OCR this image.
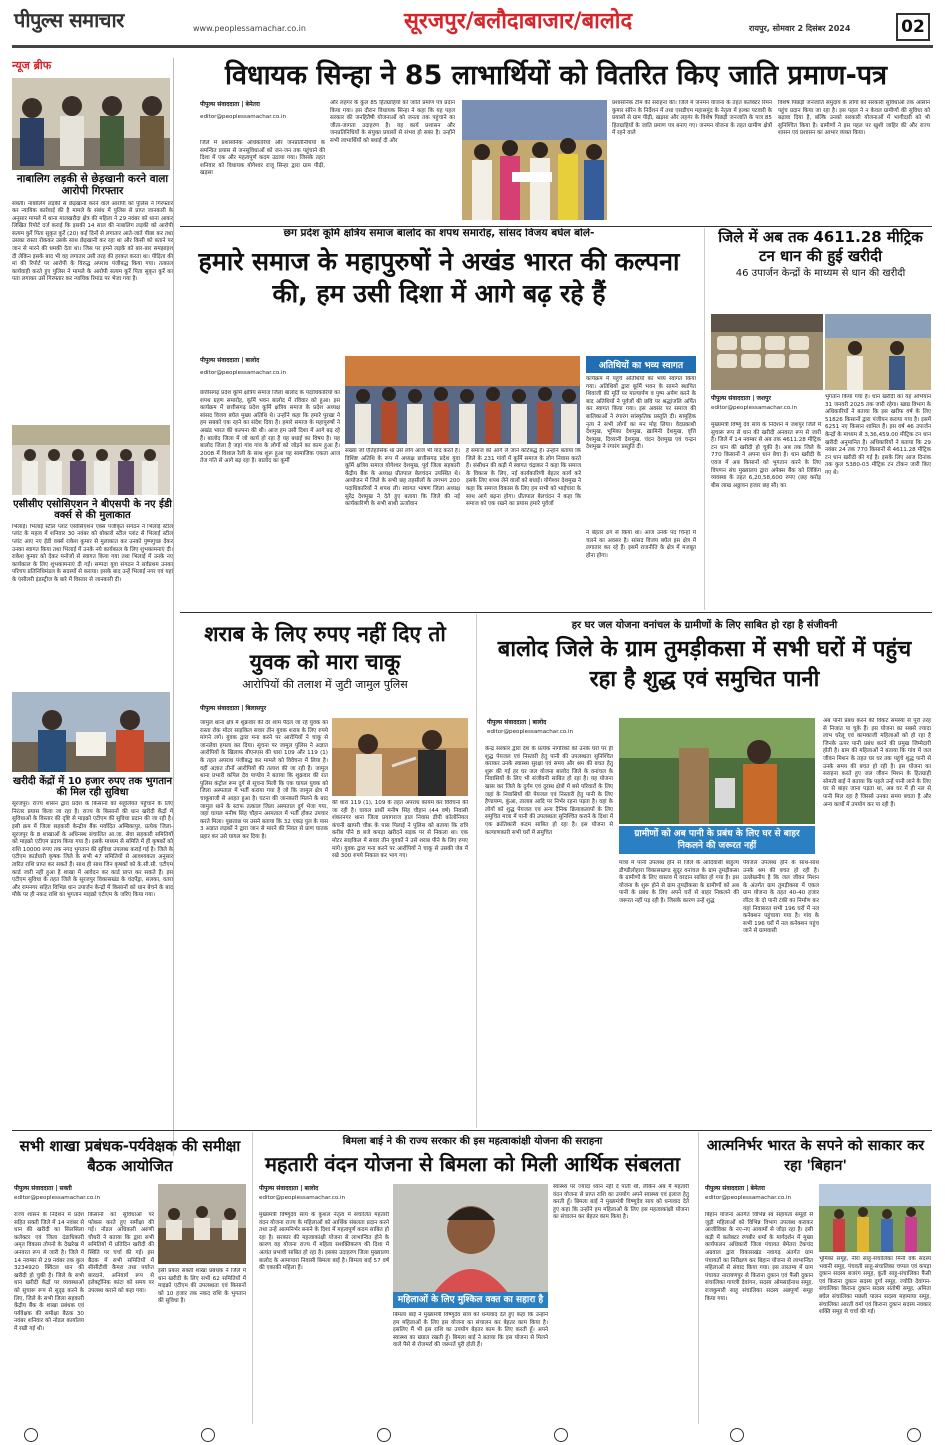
पीपुल्स समाचार	www.peoplessamachar.co.in	सूरजपुर/बलौदाबाजार/बालोद	रायपुर, सोमवार 2 दिसंबर 2024	02
न्यूज ब्रीफ
नाबालिग लड़की से छेड़खानी करने वाला आरोपी गिरफ्तार
सक्ती। नाबालिग लड़की से छेड़खानी करने वाले आरोपी को पुलिस ने गिरफ्तार कर न्यायिक कार्रवाई की है मामले के संबंध में पुलिस से प्राप्त जानकारी के अनुसार मामले में थाना मालखरौदा क्षेत्र की महिला ने 29 नवंबर को थाना आकर लिखित रिपोर्ट दर्ज कराई कि इसकी 14 साल की नाबालिग लड़की को आरोपी सत्यम कुर्रे पिता सुकृत कुर्रे (20) कई दिनों से लगातार आते-जाते पीछा कर तथा उसका रास्ता रोककर उसके साथ छेड़खानी कर रहा था और किसी को बताने पर जान से मारने की धमकी देता था। जिस पर हमने लड़के को बार-बार समझाइश दी लेकिन इसके बाद भी वह लगातार उसी तरह की हरकत करता था। पीड़िता की मां की रिपोर्ट पर आरोपी के विरुद्ध अपराध पंजीबद्ध किया गया। तत्काल कार्यवाही करते हुए पुलिस ने मामले के आरोपी सत्यम कुर्रे पिता सुकृत कुर्रे का पता लगाकर उसे गिरफ्तार कर न्यायिक रिमांड पर भेजा गया है।
एसीसीए एसोसिएशन ने बीएसपी के नए ईडी वर्क्स से की मुलाकात
भिलाई। भिलाई स्टील प्लांट एसोसिएशन एक्स पंजीकृत संगठन ने भिलाई स्टील प्लांट के महत्व में शनिवार 30 नवंबर को बोकारो स्टील प्लांट से भिलाई स्टील प्लांट आए नए ईडी वर्क्स राकेश कुमार से मुलाकात कर उनको पुष्पगुच्छ देकर उनका स्वागत किया तथा भिलाई में उनके नये कार्यकाल के लिए शुभकामनाएं दी। राकेश कुमार को देकर मनोजों से स्वागत किया गया तथा भिलाई में उनके नए कार्यकाल के लिए शुभकामनाएं दी गईं। सम्पदा युवा संगठन ने सर्वप्रथम उनका परिचय प्रतिनिधिमंडल के सदस्यों से कराया। इसके बाद उन्हें भिलाई नगर एवं यहां के एंसीलरी इंडस्ट्रीज के बारे में विस्तार से जानकारी दी।
खरीदी केंद्रों में 10 हजार रुपए तक भुगतान की मिल रही सुविधा
सूरजपुर। राज्य शासन द्वारा प्रदेश के किसानों को सहूलियत पहुँचाने के लिए निरंतर प्रयास किया जा रहा है। राज्य के किसानों की धान खरीदी केंद्रों में सुविधाओं के विस्तार की दृष्टि से माइक्रो एटीएम की सुविधा प्रदान की जा रही है। इसी क्रम में जिला सहकारी केन्द्रीय बैंक मर्यादित अम्बिकापुर, प्रत्येक जिला-सूरजपुर के 8 शाखाओं के अधिनस्थ संचालित आ.जा. सेवा सहकारी समितियों को माइक्रो एटीएम प्रदाय किया गया है। इसके माध्यम से समिति में ही कृषकों को राशि 10000 रुपए तक नगद भुगतान की सुविधा उपलब्ध कराई गई है। जिले के एटीएम कार्डधारी कृषक जिले के सभी 47 समितियों से आवश्यकता अनुसार त्वरित राशि प्राप्त कर सकते हैं। साथ ही साथ जिन कृषकों को के.सी.सी. एटीएम कार्ड जारी नहीं हुआ है शाखा में आवेदन कर कार्ड प्राप्त कर सकते हैं। इस एटीएम सुविधा के तहत जिले के सूरजपुर विकासखंड के चंदपेंड्रा, सलका, वतरा और रामनगर सहित विभिन्न धान उपार्जन केन्द्रों में किसानों को धान बेचने के बाद मौके पर ही नकद राशि का भुगतान माइक्रो एटीएम के जरिए किया गया।
विधायक सिन्हा ने 85 लाभार्थियों को वितरित किए जाति प्रमाण-पत्र
पीपुल्स संवाददाता | बेमेतरा
editor@peoplessamachar.co.in
जिले में प्रशासनिक अधिकारियों और जनप्रतिनिधियों के समन्वित प्रयास से जनसुविधाओं को जन-जन तक पहुंचाने की दिशा में एक और महत्वपूर्ण कदम उठाया गया। जिसके तहत शनिवार को विधायक योगेश्वर राजू सिन्हा द्वारा ग्राम पीढ़ी, खड़सा
और लहगंर के कुल 85 हितग्राहियों को जाति प्रमाण पत्र प्रदान किया गया। इस दौरान विधायक सिन्हा ने कहा कि यह पहल सरकार की जनहितैषी योजनाओं को जनता तक पहुंचाने का जीता-जागता उदाहरण है। यह कार्य प्रशासन और जनप्रतिनिधियों के संयुक्त प्रयासों से संभव हो सका है। उन्होंने सभी लाभार्थियों को बधाई दी और
प्रशासनिक टीम की सराहना की। जिले में जनमन योजना के तहत कलेक्टर रिमन कुमार सोरेन के निर्देशन में तथा एसडीएम महासमुंद के नेतृत्व में हल्का पटवारी के प्रयासों से ग्राम पीढ़ी, खड़सा और लहगंर के विशेष पिछड़ी जनजाति के पात्र 85 हितग्राहियों के जाति प्रमाण पत्र बनाए गए। जनमन योजना के तहत ग्रामीण क्षेत्रों में रहने वाले
विशेष पिछड़ी जनजाति समुदाय के लोगों को सरकारी सुविधाओं तक आसान पहुंच प्रदान किया जा रहा है। इस पहल ने न केवल ग्रामीणों की सुविधा को बढ़ावा दिया है, बल्कि उनको सरकारी योजनाओं में भागीदारी को भी सुनिश्चित किया है। ग्रामीणों ने इस पहल पर खुशी जाहिर की और राज्य शासन एवं प्रशासन का आभार व्यक्त किया।
छग प्रदेश कूर्मि क्षत्रिय समाज बालोद का शपथ समारोह, सांसद विजय बघेल बोले-
हमारे समाज के महापुरुषों ने अखंड भारत की कल्पना की, हम उसी दिशा में आगे बढ़ रहे हैं
पीपुल्स संवाददाता | बालोद
editor@peoplessamachar.co.in
छत्तीसगढ़ प्रदेश कूर्मि क्षत्रिय समाज जिला बालोद के पदाधिकारियों का शपथ ग्रहण समारोह, कूर्मि भवन बालोद में रविवार को हुआ। इस कार्यक्रम में छत्तीसगढ़ प्रदेश कूर्मि क्षत्रिय समाज के प्रदेश अध्यक्ष सांसद विजय बघेल मुख्य अतिथि थे। उन्होंने कहा कि हमारे पुरखा ने हम सबको एक रहने का संदेश दिया है। हमारे समाज के महापुरुषों ने अखंड भारत की कल्पना की थी। आज हम उसी दिशा में आगे बढ़ रहे हैं। बालोद जिला में जो कार्य हो रहा है यह बधाई का विषय है। यह बालोद जिला है जहां गांव गांव के लोगों को जोड़ने का काम हुआ है। 2008 में विशाल रैली के साथ शुरू हुआ यह सामाजिक एकता आज तेज गति से आगे बढ़ रहा है। बालोद का कूर्मी
संख्या जो ऐतिहासिक था उसे लोग आज भी याद करते हैं। विशिष्ट अतिथि के रूप में अध्यक्ष छत्तीसगढ़ प्रदेश युवा कूर्मि क्षत्रिय समाज योगेश्वर देशमुख, पूर्व जिला सहकारी केंद्रीय बैंक के अध्यक्ष प्रीतपाल बेलचंदन उपस्थित थे। आयोजन में जिले के सभी छह तहसीलों के लगभग 200 पदाधिकारियों ने शपथ ली। स्वागत भाषण जिला अध्यक्ष सुरेंद्र देशमुख ने देते हुए बताया कि जिले की नई कार्यकारिणी के सभी साथी ऊर्जावान
हैं समाज को आगे ले जाने कटिबद्ध हैं। उन्होंने बताया कि जिले के 231 गांवों में कूर्मि समाज के लोग निवास करते हैं। संसीधन की कड़ी में स्वागत चंद्राकर ने कहा कि समाज के विकास के लिए, नई कार्यकारिणी बेहतर कार्य करे इसके लिए शपथ लेने वालों को बधाई। योगेश्वर देशमुख ने कहा कि समाज विकास के लिए हम सभी को भाईचारा के साथ आगे बढ़ना होगा। प्रीतपाल बेलचंदन ने कहा कि समाज को एक रखने का प्रयास हमारे पूर्वजों
अतिथियों का भव्य स्वागत
कार्यक्रम में पहुंचे अतिथियों का भव्य स्वागत किया गया। अतिथियों द्वारा कूर्मि भवन के सामने स्थापित शिवाजी की मूर्ति पर माल्यार्पण व पुष्प अर्पण करने के बाद अतिथियों ने पूर्वजों की छवि पर श्रद्धांजलि अर्पित कर स्वागत किया गया। इस अवसर पर समाज की बालिकाओं ने रंगारंग सांस्कृतिक प्रस्तुति दी। सामूहिक नृत्य ने सभी लोगों का मन मोह लिया। वेदप्रकाशी देशमुख, भूमिका देशमुख, ख़ामिनी देशमुख, वृत्ति देशमुख, दिव्यानी देशमुख, चंदन देशमुख एवं चन्द्रन देशमुख ने रंगारंग प्रस्तुति दी।
ने बेहतर ढंग से किया था। आज उनके पद चिन्हों में चलने का अवसर है। सांसद विजय बघेल इस क्षेत्र में लगातार कर रहे हैं। इसमें राजनीति के क्षेत्र में मजबूत होना होगा।
जिले में अब तक 4611.28 मीट्रिक टन धान की हुई खरीदी
46 उपार्जन केन्द्रों के माध्यम से धान की खरीदी
पीपुल्स संवाददाता | जशपुर
editor@peoplessamachar.co.in
मुख्यमंत्री विष्णु देव साय के निर्देशन में जशपुर जिले में सुचारू रूप से धान की खरीदी अनवरत रूप से जारी है। जिले में 14 नवम्बर से अब तक 4611.28 मीट्रिक टन धान की खरीदी हो चुकी है। अब तक जिले के 770 किसानों ने अपना धान बेचा है। धान खरीदी के एवज में अब किसानों को भुगतान करने के लिए विपणन संघ मुख्यालय द्वारा अपेक्स बैंक को लिंकिंग व्यवस्था के तहत 6,20,58,600 रुपए (छह करोड़ बीस लाख अठ्ठावन हजार छह सौ) का
भुगतान किया गया है। धान खरीदी का यह अभियान 31 जनवरी 2025 तक जारी रहेगा। खाद्य विभाग के अधिकारियों ने बताया कि इस खरीफ वर्ष के लिए 51826 किसानों द्वारा पंजीयन कराया गया है। इसमें 6251 नए किसान शामिल हैं। इस वर्ष 46 उपार्जन केन्द्रों के माध्यम से 3,36,459.00 मीट्रिक टन धान खरीदी अनुमानित है। अधिकारियों ने बताया कि 29 नवंबर 24 तक 770 किसानों से 4611.28 मीट्रिक टन धान खरीदी की गई है। इसके लिए आज दिनांक तक कुल 5380-03 मीट्रिक टन टोकन जारी किए गए थे।
शराब के लिए रुपए नहीं दिए तो युवक को मारा चाकू
आरोपियों की तलाश में जुटी जामुल पुलिस
पीपुल्स संवाददाता | बिलासपुर
जामुल थाना क्षेत्र में शुक्रवार की देर शाम पैदल जा रहे युवक का रास्ता रोक मोटर साइकिल सवार तीन युवक शराब के लिए रुपये मांगने लगे। युवक द्वारा मना करने पर आरोपियों ने चाकू से जानलेवा हमला कर दिया। सूचना पर जामुल पुलिस ने अज्ञात आरोपियों के खिलाफ बीएनएस की धारा 109 और 119 (1) के तहत अपराध पंजीबद्ध कर मामले को विवेचना में लिया है। वहीं अज्ञात तीनों आरोपियों की तलाश की जा रही है। जामुल थाना प्रभारी कपिल देव पाण्डेय ने बताया कि शुक्रवार की रात पुलिस कंट्रोल रूम दुर्ग से सूचना मिली कि एक घायल युवक को जिला अस्पताल में भर्ती कराया गया है जो कि जामुल क्षेत्र में चाकूबाजी से आहत हुआ है। घटना की जानकारी मिलने के बाद जामुल थाने के स्टाफ तत्काल जिला अस्पताल दुर्ग भेजा गया, जहां घायल मनीष सिंह चौहान अस्पताल में भर्ती होकर उपचार करते मिला। पूछताछ पर उसने बताया कि 32 एकड़ पुल के पास 3 अज्ञात लड़कों ने द्वारा जान से मारने की नियत से प्राण घातक प्रहार कर उसे घायल कर दिया है।
की धारा 119 (1), 109 के तहत अपराध कायम कर विवेचना की जा रही है। घायल प्रार्थी मनीष सिंह चौहान (44 वर्ष) निवासी शंकरनगर थाना जिला प्रयागराज हाल निवास डीपी कॉलोनियल कंचनी खापरी चौक के पास पिलाई ने पुलिस को बताया कि रात्रि करीब पौने 8 बजे कपड़ा खरीदने सड़क पर से निकला था। एक मोटर साइकिल में सवार तीन युवकों ने उसे शराब पीने के लिए रुपए मांगे। युवक द्वारा मना करने पर आरोपियों ने चाकू से उसकी जेब में रखे 300 रुपये निकाल कर भाग गए।
हर घर जल योजना वनांचल के ग्रामीणों के लिए साबित हो रहा है संजीवनी
बालोद जिले के ग्राम तुमड़ीकसा में सभी घरों में पहुंच रहा है शुद्ध एवं समुचित पानी
पीपुल्स संवाददाता | बालोद
editor@peoplessamachar.co.in
केन्द्र सरकार द्वारा देश के प्रत्येक नागरिकों को उनके घरों पर ही शुद्ध पेयजल एवं निस्तारी हेतु पानी की उपलब्धता सुनिश्चित कराकर उनके स्वास्थ्य सुरक्षा एवं समय और श्रम की बचत हेतु शुरू की गई हर घर जल योजना बालोद जिले के वनांचल के निवासियों के लिए भी संजीवनी साबित हो रहा है। यह योजना खास कर जिले के दुर्गम एवं दूरस्थ क्षेत्रों में बसे परिवारों के लिए जहां के निवासियों की पेयजल एवं निस्तारी हेतु पानी के लिए हैण्डपम्प, कुंआ, तालाब आदि पर निर्भर रहना पड़ता है। वहां के लोगों को शुद्ध पेयजल एवं अन्य दैनिक क्रियाकलापों के लिए समुचित मात्रा में पानी की उपलब्धता सुनिश्चित कराने के दिशा में एक क्रांतिकारी कदम साबित हो रहा है। इस योजना से कल्याणकारी सभी घरों में समुचित	ग्रामीणों को अब पानी के प्रबंध के लिए घर से बाहर निकलने की जरूरत नहीं
मात्रा में पानी उपलब्ध होने से जिले के आदिवासी बाहुल्य डौण्डीलोहारा विकासखण्ड सुदूर वनांचल के ग्राम तुमड़ीकसा के ग्रामीणों के लिए वास्तव में वरदान साबित हो गया है। इस योजना के शुरू होने से ग्राम तुमड़ीकसा के ग्रामीणों को अब पानी के प्रबंध के लिए अपने घरों से बाहर निकलने की जरूरत नहीं पड़ रही है। जिसके कारण उन्हें शुद्ध
पेयजल उपलब्ध होने के साथ-साथ उनके श्रम की बचत हो रही है। उल्लेखनीय है कि जल जीवन मिशन के अंतर्गत ग्राम तुमड़ीकसा में एकल ग्राम योजना के तहत 40-40 हजार लीटर के दो पानी टंकी का निर्माण कर यहां निवासरत सभी 196 घरों में नल कनेक्शन पहुंचाया गया है। गांव के सभी 196 घरों में नल कनेक्शन पहुंच जाने से ग्रामवासी
अब पानी प्रबंध करने की विकट समस्या से पूरी तरह से निजात पा चुके हैं। इस योजना का सबसे ज्यादा लाभ घरेलू एवं कामकाजी महिलाओं को हो रहा है जिनके ऊपर पानी प्रबंध करने की प्रमुख जिम्मेदारी होती है। ग्राम की महिलाओं ने बताया कि गांव में जल जीवन मिशन के तहत घर घर तक पहुंचे शुद्ध पानी से उनके समय की बचत हो रही है। इस योजना का सराहना करते हुए जल जीवन मिशन के हितग्राही सोमती बाई ने बताया कि पहले उन्हें पानी लाने के लिए घर से बाहर जाना पड़ता था, अब घर में ही नल से पानी मिल रहा है जिससे उनका समय बचता है और अन्य कार्यों में उपयोग कर पा रही हैं।
सभी शाखा प्रबंधक-पर्यवेक्षक की समीक्षा बैठक आयोजित
पीपुल्स संवाददाता | सक्ती
editor@peoplessamachar.co.in
राज्य शासन के निर्देशन में प्रदेश सहित सक्ती जिले में 14 नवंबर से धान की खरीदी का सिलसिला कलेक्टर एवं जिला दंडाधिकारी अमृत विकास तोपनो के देखरेख में अनवरत रूप से जारी है। जिले में 14 नवम्बर से 29 नवंबर तक कुल 3234920 क्विंटल धान की खरीदी हो चुकी है। जिले के सभी धान खरीदी केंद्रों पर व्यवस्थाओं को सुचारू रूप से सुदृढ़ करने के लिए, जिले के सभी जिला सहकारी केंद्रीय बैंक के शाखा प्रबंधक एवं पर्यवेक्षक की समीक्षा बैठक 30 नवंबर शनिवार को नोडल कार्यालय में रखी गई थी।
किसानों को सुविधाओं पर फोकस करते हुए समीक्षा की गई। नोडल अधिकारी अरुणी चौधरी ने बताया कि द्वारा सभी समितियों में प्रतिदिन खरीदी की स्थिति पर चर्चा की गई। इस बैठक में सभी समितियों में सीसीटीवी कैमरा तथा पर्याप्त बारदाने, अनिवार्य रूप से इलेक्ट्रॉनिक कांटा को समय पर उपलब्ध कराने को कहा गया।
इसी प्रकार सक्ती शाखा प्रबंधक ने जिले में धान खरीदी के लिए सभी 62 समितियों में माइक्रो एटीएम की उपलब्धता एवं किसानों को 10 हजार तक नकद राशि के भुगतान की सुविधा है।
बिमला बाई ने की राज्य सरकार की इस महत्वाकांक्षी योजना की सराहना
महतारी वंदन योजना से बिमला को मिली आर्थिक संबलता
पीपुल्स संवाददाता | बालोद
editor@peoplessamachar.co.in
मुख्यमंत्री विष्णुदेव साय के कुशल नेतृत्व में संचालित महतारी वंदन योजना राज्य के महिलाओं को आर्थिक संबलता प्रदान करने तथा उन्हें आत्मनिर्भर बनाने के दिशा में महत्वपूर्ण कदम साबित हो रहा है। सरकार की महत्वाकांक्षी योजना से लाभान्वित होने के कारण वह योजना राज्य में महिला सशक्तिकरण की दिशा में अत्यंत प्रभावी साबित हो रहा है। इसका उदाहरण जिला मुख्यालय बालोद के आमापारा निवासी बिमला बाई है। बिमला बाई 57 वर्ष की एकाकी महिला हैं।
महिलाओं के लिए मुश्किल वक्त का सहारा है
बिमला बाई ने मुख्यमंत्री विष्णुदेव साय को धन्यवाद देते हुए कहा कि उन्होंने हम महिलाओं के लिए इस योजना का संचालन कर बेहतर काम किया है। इसलिए मैं भी इस राशि का उपयोग बेहतर काम के लिए करती हूँ। अपने स्वास्थ्य का ख्याल रखती हूँ। बिमला बाई ने बताया कि इस योजना से मिलने वाले पैसे से रोजमर्रा की जरूरतें पूरी होती हैं।
स्वास्थ्य पर ज्यादा ध्यान नहीं दे पाती थी, लेकिन अब मैं महतारी वंदन योजना से प्राप्त राशि का उपयोग अपने स्वास्थ्य एवं इलाज हेतु करती हूँ। बिमला बाई ने मुख्यमंत्री विष्णुदेव साय को धन्यवाद देते हुए कहा कि उन्होंने हम महिलाओं के लिए इस महत्वाकांक्षी योजना का संचालन कर बेहतर काम किया है।
आत्मनिर्भर भारत के सपने को साकार कर रहा 'बिहान'
पीपुल्स संवाददाता | बेमेतरा
editor@peoplessamachar.co.in
बिहान योजना अंतर्गत विभिन्न स्व सहायता समूहों से जुड़ी महिलाओं को विभिन्न विभाग उपलब्ध कराकर आजीविका के नए-नए आयामों से जोड़ा रहा है। इसी कड़ी में कलेक्टर रणबीर शर्मा के मार्गदर्शन में मुख्य कार्यपालन अधिकारी जिला पंचायत बेमेतरा टेकचंद अग्रवाल द्वारा विकासखंड नवागढ़ अंतर्गत ग्राम पंचायतों का निरीक्षण कर बिहान योजना से लाभान्वित महिलाओं से संवाद किया गया। इस तारतम्य में ग्राम पंचायत नारायणपुर से किराना दुकान एवं फैंसी दुकान संचालिका गायत्री देवांगन, सदस्य ओमसाईनाथ समूह, राजकुमारी साहू संचालिका सदस्य अन्नपूर्णा समूह किया गया।
भूमिका समूह, नीरा साहू-संचालिका मिनी वर्क सदस्य भवानी समूह, पंचवती साहू-संचालिका चप्पल एवं कपड़ा दुकान सदस्य बजरंग समूह, कुंती साहू-संचालिका फैंसी एवं किराना दुकान सदस्य दुर्गा समूह, ज्योति देवांगन-संचालिका किराना दुकान सदस्य संतोषी समूह, अमिता बघेल संचालिका मछली पालन सदस्य महामाया समूह, संचालिका आरती वर्मा एवं किराना दुकान सदस्य नवकार शक्ति समूह से चर्चा की गई।
